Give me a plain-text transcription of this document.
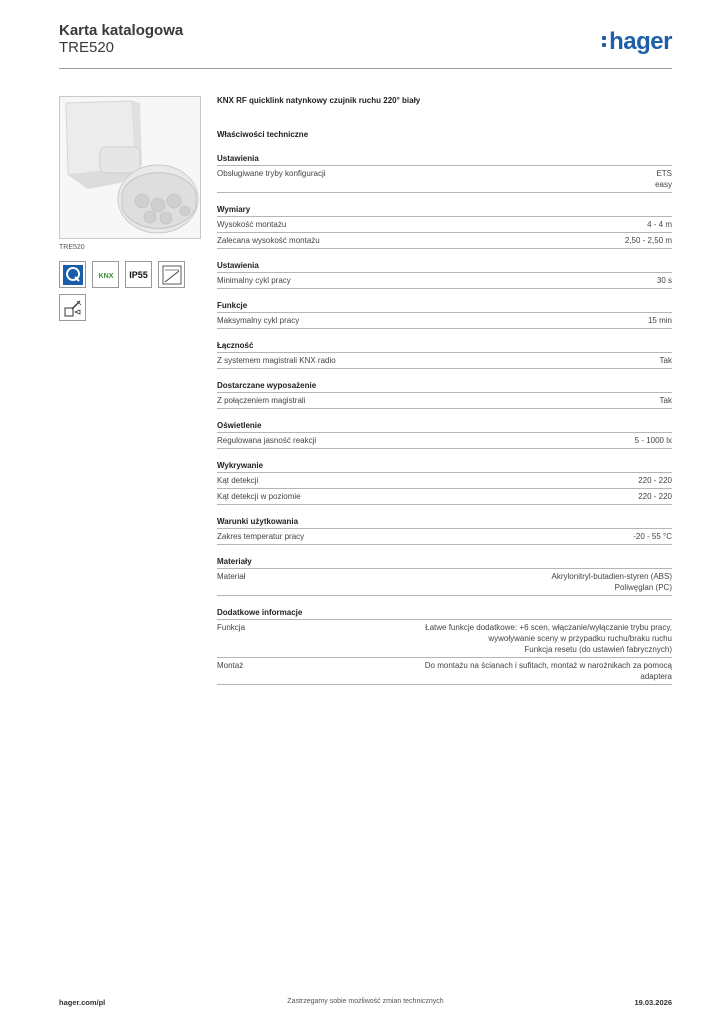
Karta katalogowa
TRE520	hager
TRE520
KNX IP55
KNX RF quicklink natynkowy czujnik ruchu 220° biały
Właściwości techniczne
Ustawienia
Obsługiwane tryby konfiguracji	ETS
easy
Wymiary
Wysokość montażu	4 - 4 m
Zalecana wysokość montażu	2,50 - 2,50 m
Ustawienia
Minimalny cykl pracy	30 s
Funkcje
Maksymalny cykl pracy	15 min
Łączność
Z systemem magistrali KNX radio	Tak
Dostarczane wyposażenie
Z połączeniem magistrali	Tak
Oświetlenie
Regulowana jasność reakcji	5 - 1000 lx
Wykrywanie
Kąt detekcji	220 - 220
Kąt detekcji w poziomie	220 - 220
Warunki użytkowania
Zakres temperatur pracy	-20 - 55 °C
Materiały
Materiał	Akrylonitryl-butadien-styren (ABS)
Poliwęglan (PC)
Dodatkowe informacje
Funkcja	Łatwe funkcje dodatkowe: +6 scen, włączanie/wyłączanie trybu pracy,
wywoływanie sceny w przypadku ruchu/braku ruchu
Funkcja resetu (do ustawień fabrycznych)
Montaż	Do montażu na ścianach i sufitach, montaż w narożnikach za pomocą
adaptera
hager.com/pl	Zastrzegamy sobie możliwość zmian technicznych	19.03.2026
